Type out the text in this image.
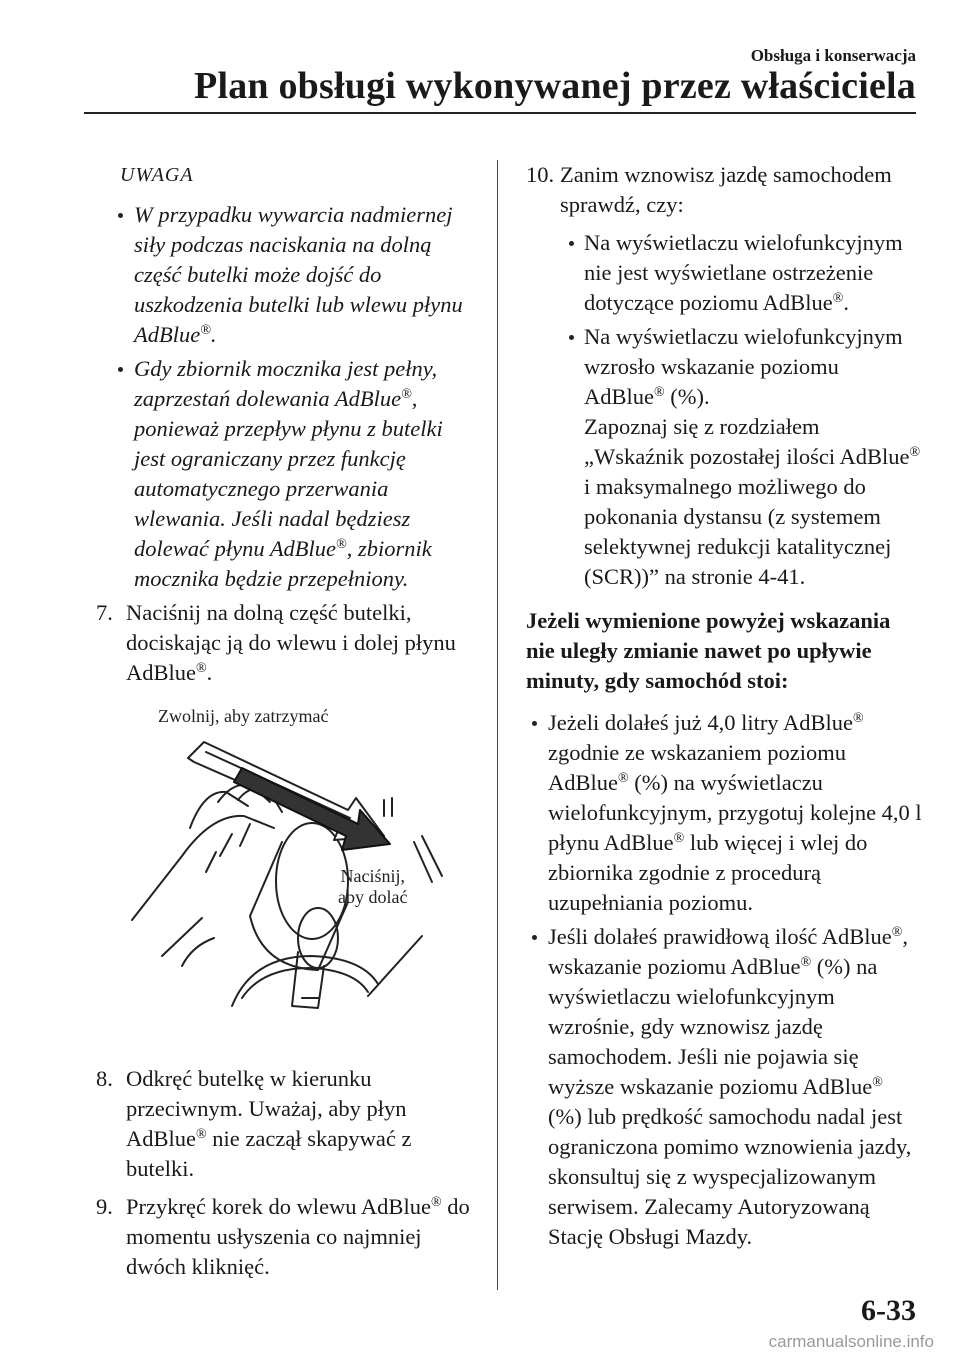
Obsługa i konserwacja
Plan obsługi wykonywanej przez właściciela
UWAGA
W przypadku wywarcia nadmiernej siły podczas naciskania na dolną część butelki może dojść do uszkodzenia butelki lub wlewu płynu AdBlue®.
Gdy zbiornik mocznika jest pełny, zaprzestań dolewania AdBlue®, ponieważ przepływ płynu z butelki jest ograniczany przez funkcję automatycznego przerwania wlewania. Jeśli nadal będziesz dolewać płynu AdBlue®, zbiornik mocznika będzie przepełniony.
7. Naciśnij na dolną część butelki, dociskając ją do wlewu i dolej płynu AdBlue®.
Zwolnij, aby zatrzymać
Naciśnij,
aby dolać
8. Odkręć butelkę w kierunku przeciwnym. Uważaj, aby płyn AdBlue® nie zaczął skapywać z butelki.
9. Przykręć korek do wlewu AdBlue® do momentu usłyszenia co najmniej dwóch kliknięć.
10. Zanim wznowisz jazdę samochodem sprawdź, czy:
Na wyświetlaczu wielofunkcyjnym nie jest wyświetlane ostrzeżenie dotyczące poziomu AdBlue®.
Na wyświetlaczu wielofunkcyjnym wzrosło wskazanie poziomu AdBlue® (%).
Zapoznaj się z rozdziałem „Wskaźnik pozostałej ilości AdBlue® i maksymalnego możliwego do pokonania dystansu (z systemem selektywnej redukcji katalitycznej (SCR))” na stronie 4-41.
Jeżeli wymienione powyżej wskazania nie uległy zmianie nawet po upływie minuty, gdy samochód stoi:
Jeżeli dolałeś już 4,0 litry AdBlue® zgodnie ze wskazaniem poziomu AdBlue® (%) na wyświetlaczu wielofunkcyjnym, przygotuj kolejne 4,0 l płynu AdBlue® lub więcej i wlej do zbiornika zgodnie z procedurą uzupełniania poziomu.
Jeśli dolałeś prawidłową ilość AdBlue®, wskazanie poziomu AdBlue® (%) na wyświetlaczu wielofunkcyjnym wzrośnie, gdy wznowisz jazdę samochodem. Jeśli nie pojawia się wyższe wskazanie poziomu AdBlue® (%) lub prędkość samochodu nadal jest ograniczona pomimo wznowienia jazdy, skonsultuj się z wyspecjalizowanym serwisem. Zalecamy Autoryzowaną Stację Obsługi Mazdy.
6-33
carmanualsonline.info
